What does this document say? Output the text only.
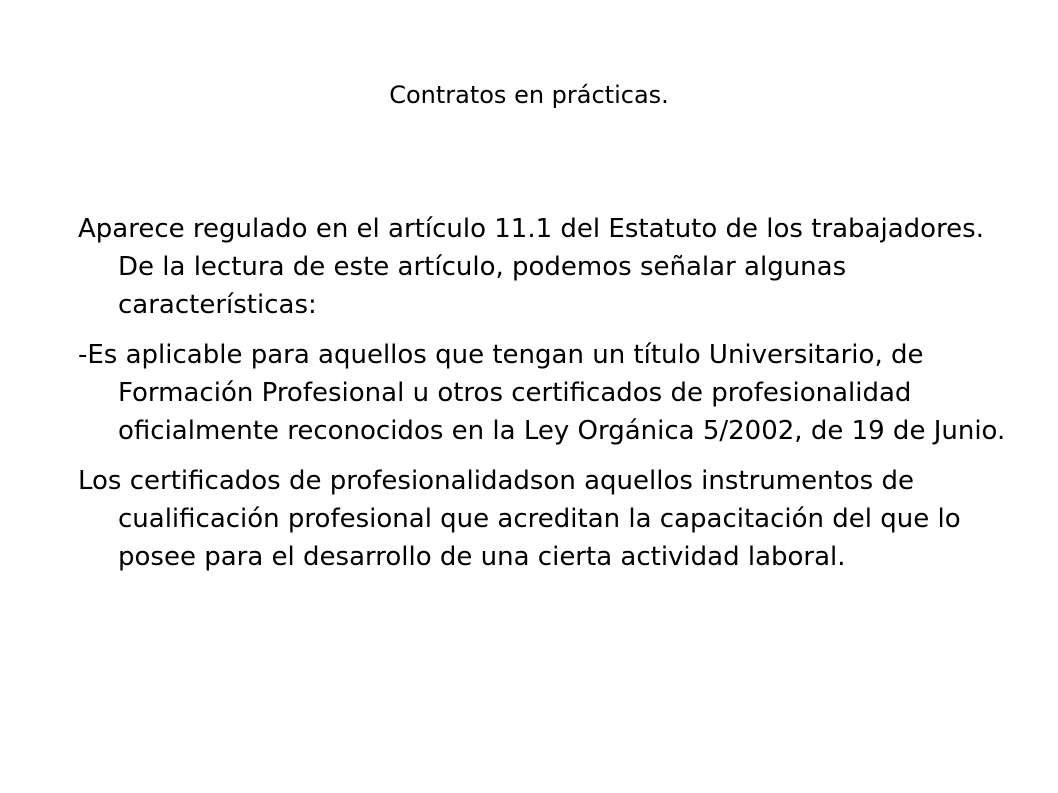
Contratos en prácticas.

Aparece regulado en el artículo 11.1 del Estatuto de los trabajadores. De la lectura de este artículo, podemos señalar algunas características:

-Es aplicable para aquellos que tengan un título Universitario, de Formación Profesional u otros certificados de profesionalidad oficialmente reconocidos en la Ley Orgánica 5/2002, de 19 de Junio.

Los certificados de profesionalidadson aquellos instrumentos de cualificación profesional que acreditan la capacitación del que lo posee para el desarrollo de una cierta actividad laboral.
